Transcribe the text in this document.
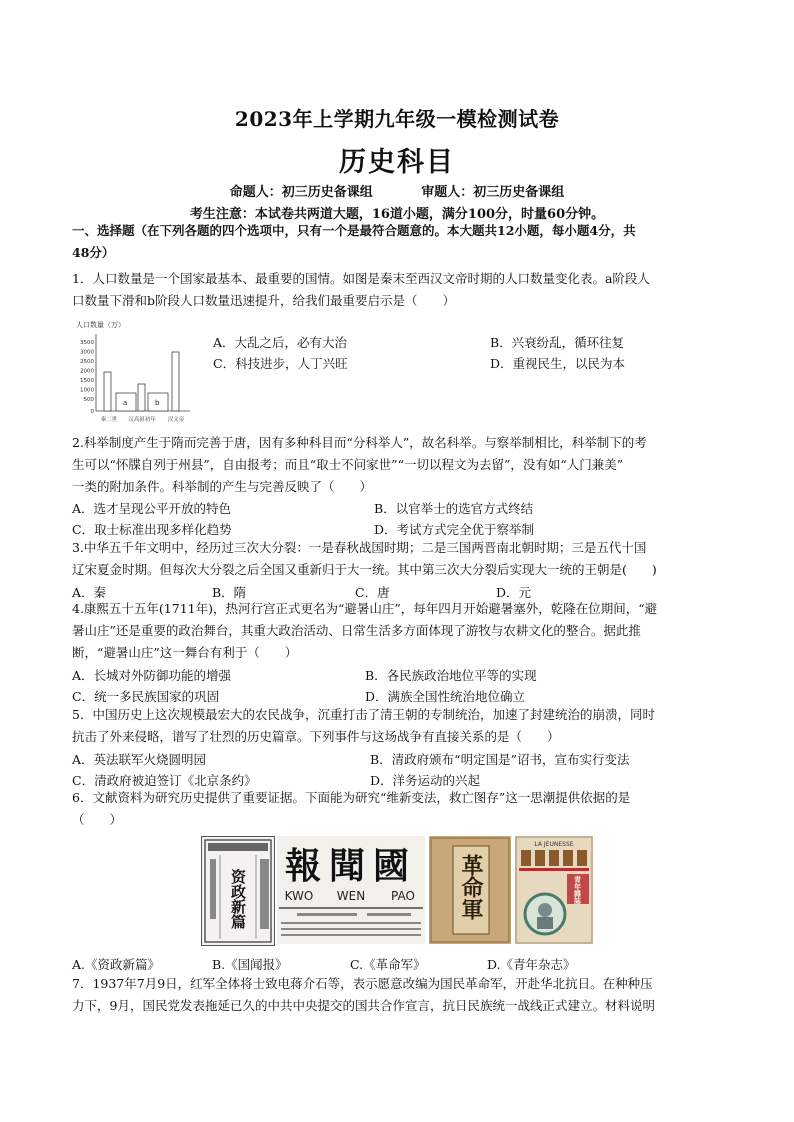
2023年上学期九年级一模检测试卷
历史科目
命题人：初三历史备课组	审题人：初三历史备课组
考生注意：本试卷共两道大题，16道小题，满分100分，时量60分钟。
一、选择题（在下列各题的四个选项中，只有一个是最符合题意的。本大题共12小题，每小题4分，共
48分）
1．人口数量是一个国家最基本、最重要的国情。如图是秦末至西汉文帝时期的人口数量变化表。a阶段人
口数量下滑和b阶段人口数量迅速提升，给我们最重要启示是（　　）
人口数量（万）
3500
3000
2500
2000
1500
1000
500
0
a	b
秦二世 汉高祖初年 汉文帝
A．大乱之后，必有大治	B．兴衰纷乱，循环往复
C．科技进步，人丁兴旺	D．重视民生，以民为本
2.科举制度产生于隋而完善于唐，因有多种科目而“分科举人”，故名科举。与察举制相比，科举制下的考
生可以“怀牒自列于州县”，自由报考；而且“取士不问家世”“一切以程文为去留”，没有如“人门兼美”
一类的附加条件。科举制的产生与完善反映了（　　）
A．选才呈现公平开放的特色	B．以官举士的选官方式终结
C．取士标准出现多样化趋势	D．考试方式完全优于察举制
3.中华五千年文明中，经历过三次大分裂：一是春秋战国时期；二是三国两晋南北朝时期；三是五代十国
辽宋夏金时期。但每次大分裂之后全国又重新归于大一统。其中第三次大分裂后实现大一统的王朝是(　　)
A．秦	B．隋	C．唐	D．元
4.康熙五十五年(1711年)，热河行宫正式更名为“避暑山庄”，每年四月开始避暑塞外，乾隆在位期间，“避
暑山庄”还是重要的政治舞台，其重大政治活动、日常生活多方面体现了游牧与农耕文化的整合。据此推
断，“避暑山庄”这一舞台有利于（　　）
A．长城对外防御功能的增强	B．各民族政治地位平等的实现
C．统一多民族国家的巩固	D．满族全国性统治地位确立
5．中国历史上这次规模最宏大的农民战争，沉重打击了清王朝的专制统治，加速了封建统治的崩溃，同时
抗击了外来侵略，谱写了壮烈的历史篇章。下列事件与这场战争有直接关系的是（　　）
A．英法联军火烧圆明园	B．清政府颁布“明定国是”诏书，宣布实行变法
C．清政府被迫签订《北京条约》	D．洋务运动的兴起
6．文献资料为研究历史提供了重要证据。下面能为研究“维新变法，救亡图存”这一思潮提供依据的是
（　　）
资政新篇
報聞國
KWO WEN PAO 革命軍
LA JEUNESSE
青年雜誌
A.《资政新篇》	B.《国闻报》	C.《革命军》	D.《青年杂志》
7．1937年7月9日，红军全体将士致电蒋介石等，表示愿意改编为国民革命军，开赴华北抗日。在种种压
力下，9月，国民党发表拖延已久的中共中央提交的国共合作宣言，抗日民族统一战线正式建立。材料说明
